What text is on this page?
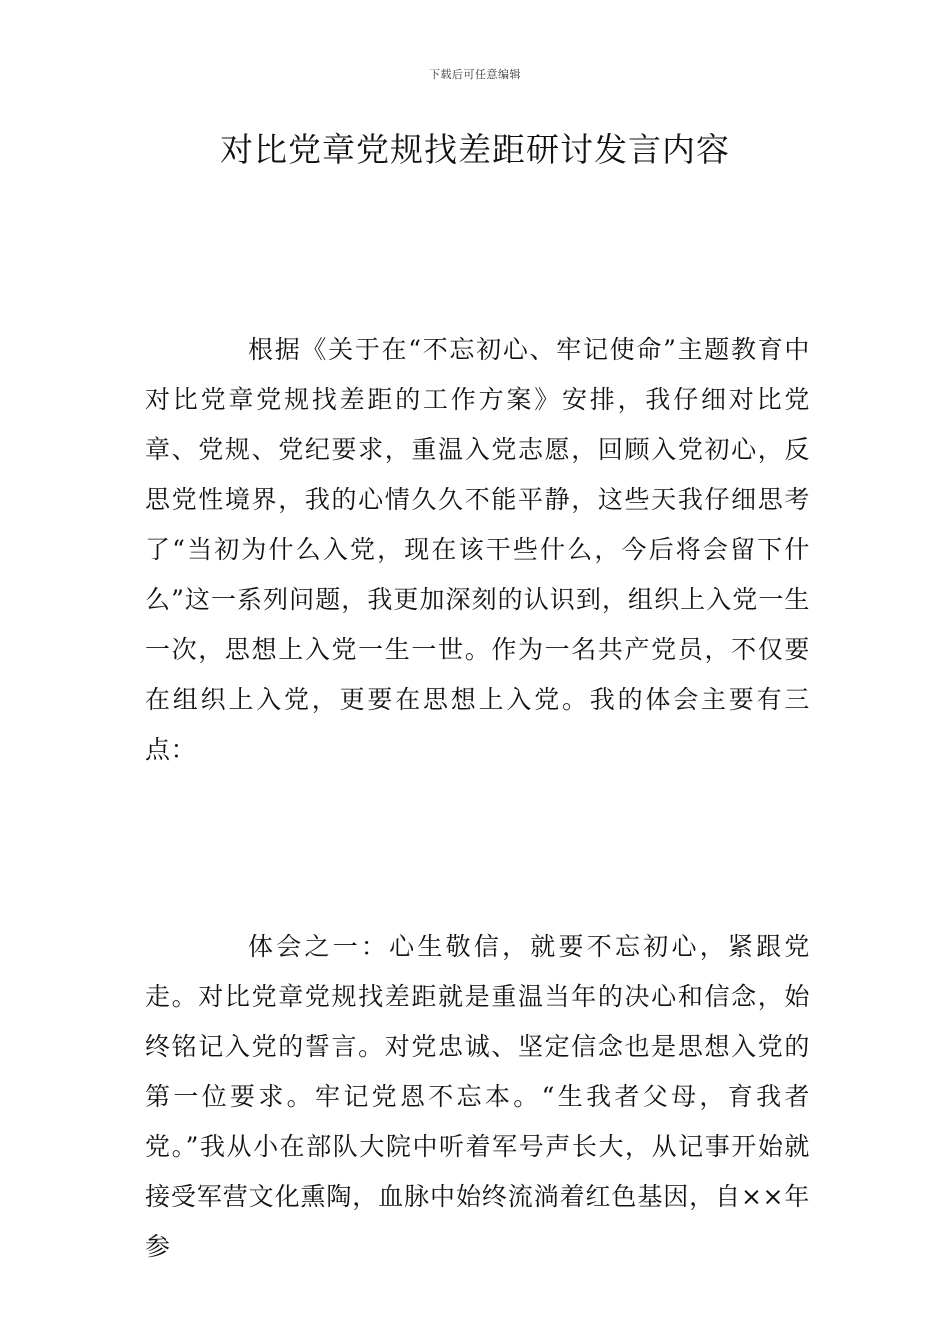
下载后可任意编辑
对比党章党规找差距研讨发言内容

根据《关于在“不忘初心、牢记使命”主题教育中对比党章党规找差距的工作方案》安排，我仔细对比党章、党规、党纪要求，重温入党志愿，回顾入党初心，反思党性境界，我的心情久久不能平静，这些天我仔细思考了“当初为什么入党，现在该干些什么，今后将会留下什么”这一系列问题，我更加深刻的认识到，组织上入党一生一次，思想上入党一生一世。作为一名共产党员，不仅要在组织上入党，更要在思想上入党。我的体会主要有三点：

体会之一：心生敬信，就要不忘初心，紧跟党走。对比党章党规找差距就是重温当年的决心和信念，始终铭记入党的誓言。对党忠诚、坚定信念也是思想入党的第一位要求。牢记党恩不忘本。“生我者父母，育我者党。”我从小在部队大院中听着军号声长大，从记事开始就接受军营文化熏陶，血脉中始终流淌着红色基因，自××年参
